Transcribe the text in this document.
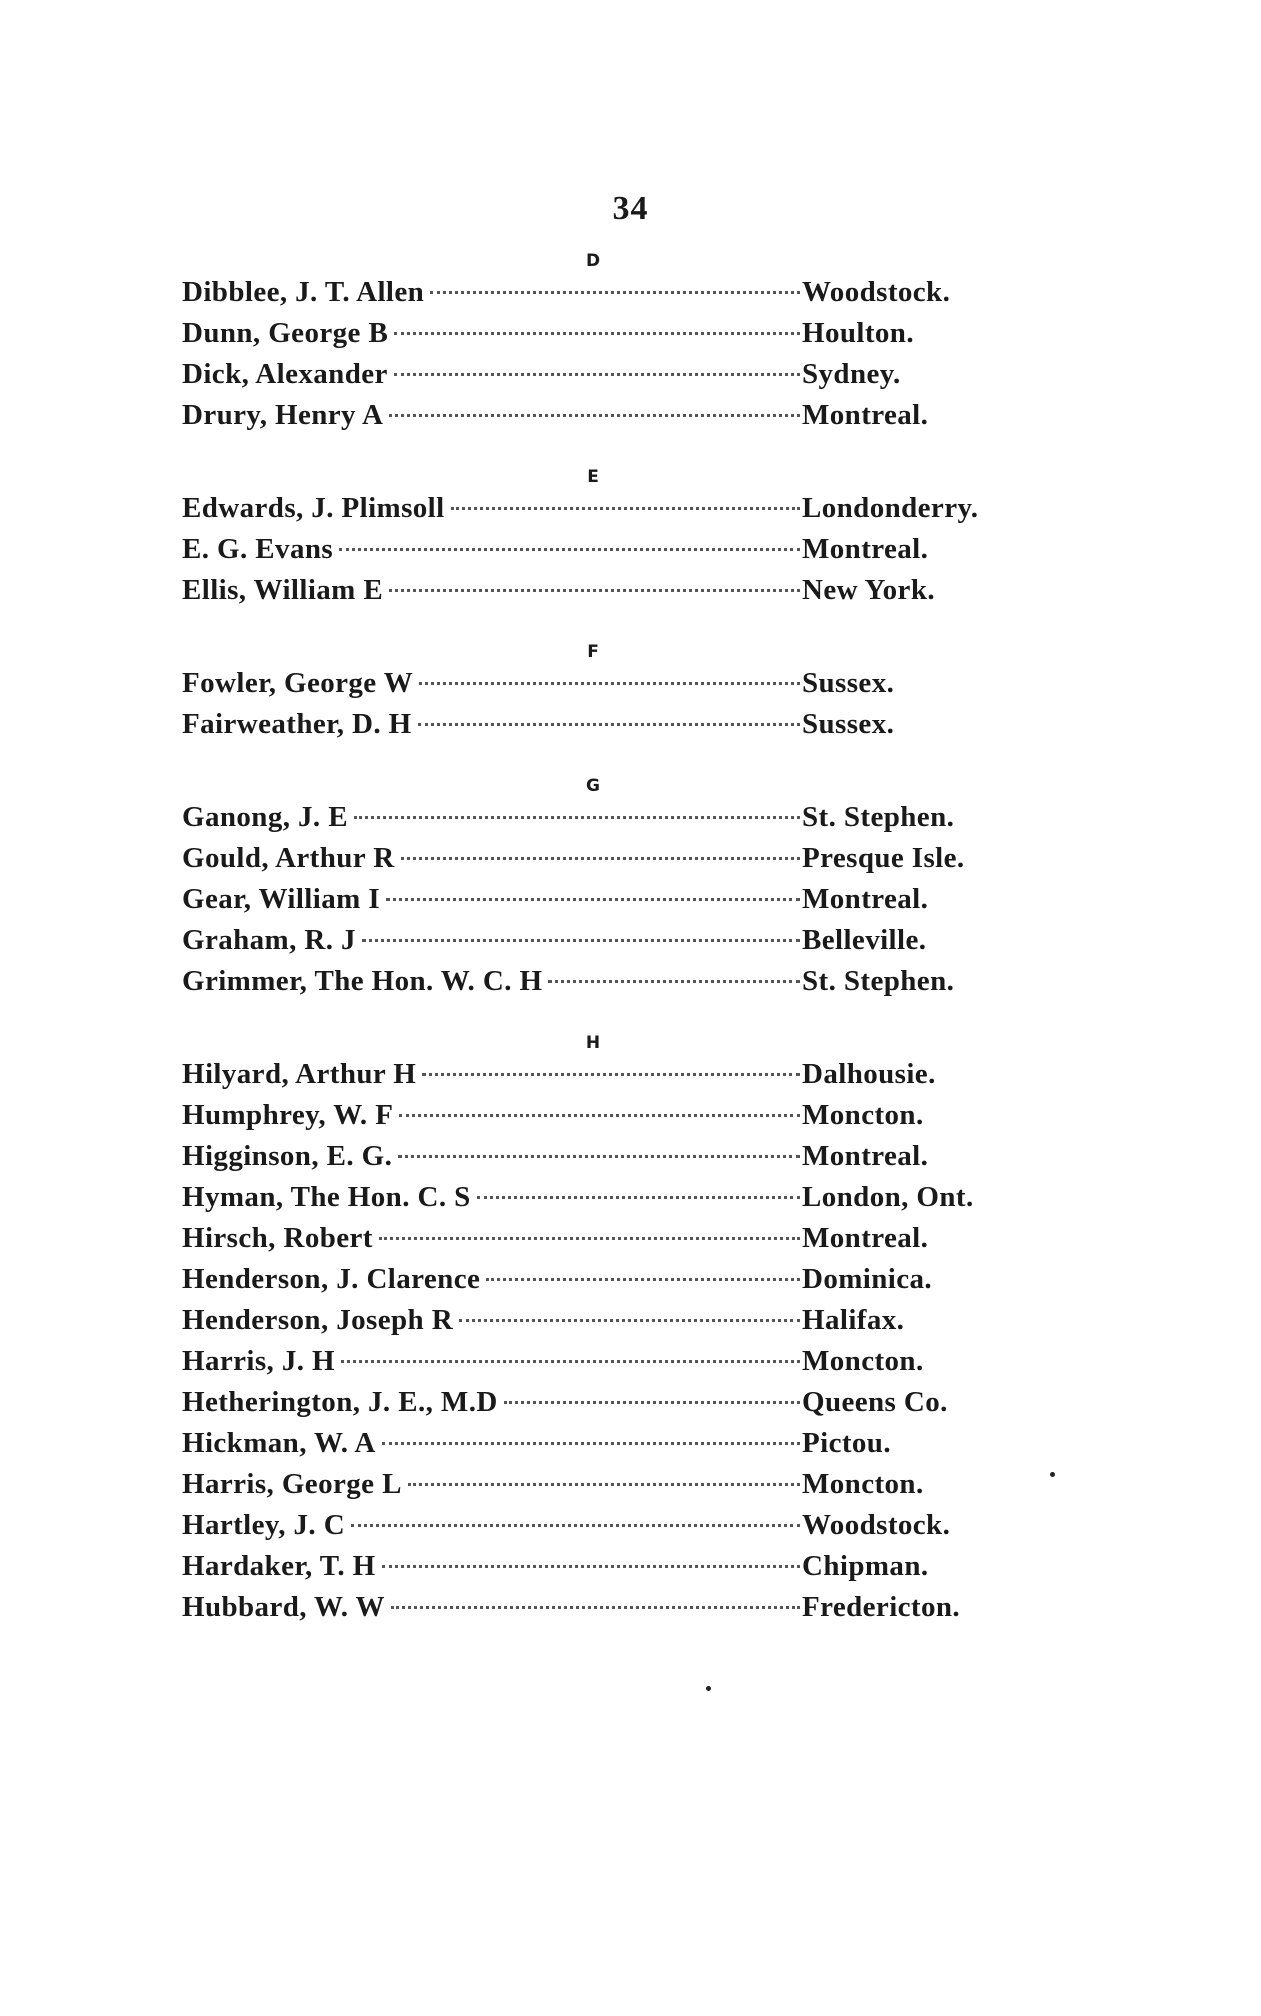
34
D
Dibblee, J. T. Allen	Woodstock.
Dunn, George B	Houlton.
Dick, Alexander	Sydney.
Drury, Henry A	Montreal.
E
Edwards, J. Plimsoll	Londonderry.
E. G. Evans	Montreal.
Ellis, William E	New York.
F
Fowler, George W	Sussex.
Fairweather, D. H	Sussex.
G
Ganong, J. E	St. Stephen.
Gould, Arthur R	Presque Isle.
Gear, William I	Montreal.
Graham, R. J	Belleville.
Grimmer, The Hon. W. C. H	St. Stephen.
H
Hilyard, Arthur H	Dalhousie.
Humphrey, W. F	Moncton.
Higginson, E. G.	Montreal.
Hyman, The Hon. C. S	London, Ont.
Hirsch, Robert	Montreal.
Henderson, J. Clarence	Dominica.
Henderson, Joseph R	Halifax.
Harris, J. H	Moncton.
Hetherington, J. E., M.D	Queens Co.
Hickman, W. A	Pictou.
Harris, George L	Moncton.
Hartley, J. C	Woodstock.
Hardaker, T. H	Chipman.
Hubbard, W. W	Fredericton.
